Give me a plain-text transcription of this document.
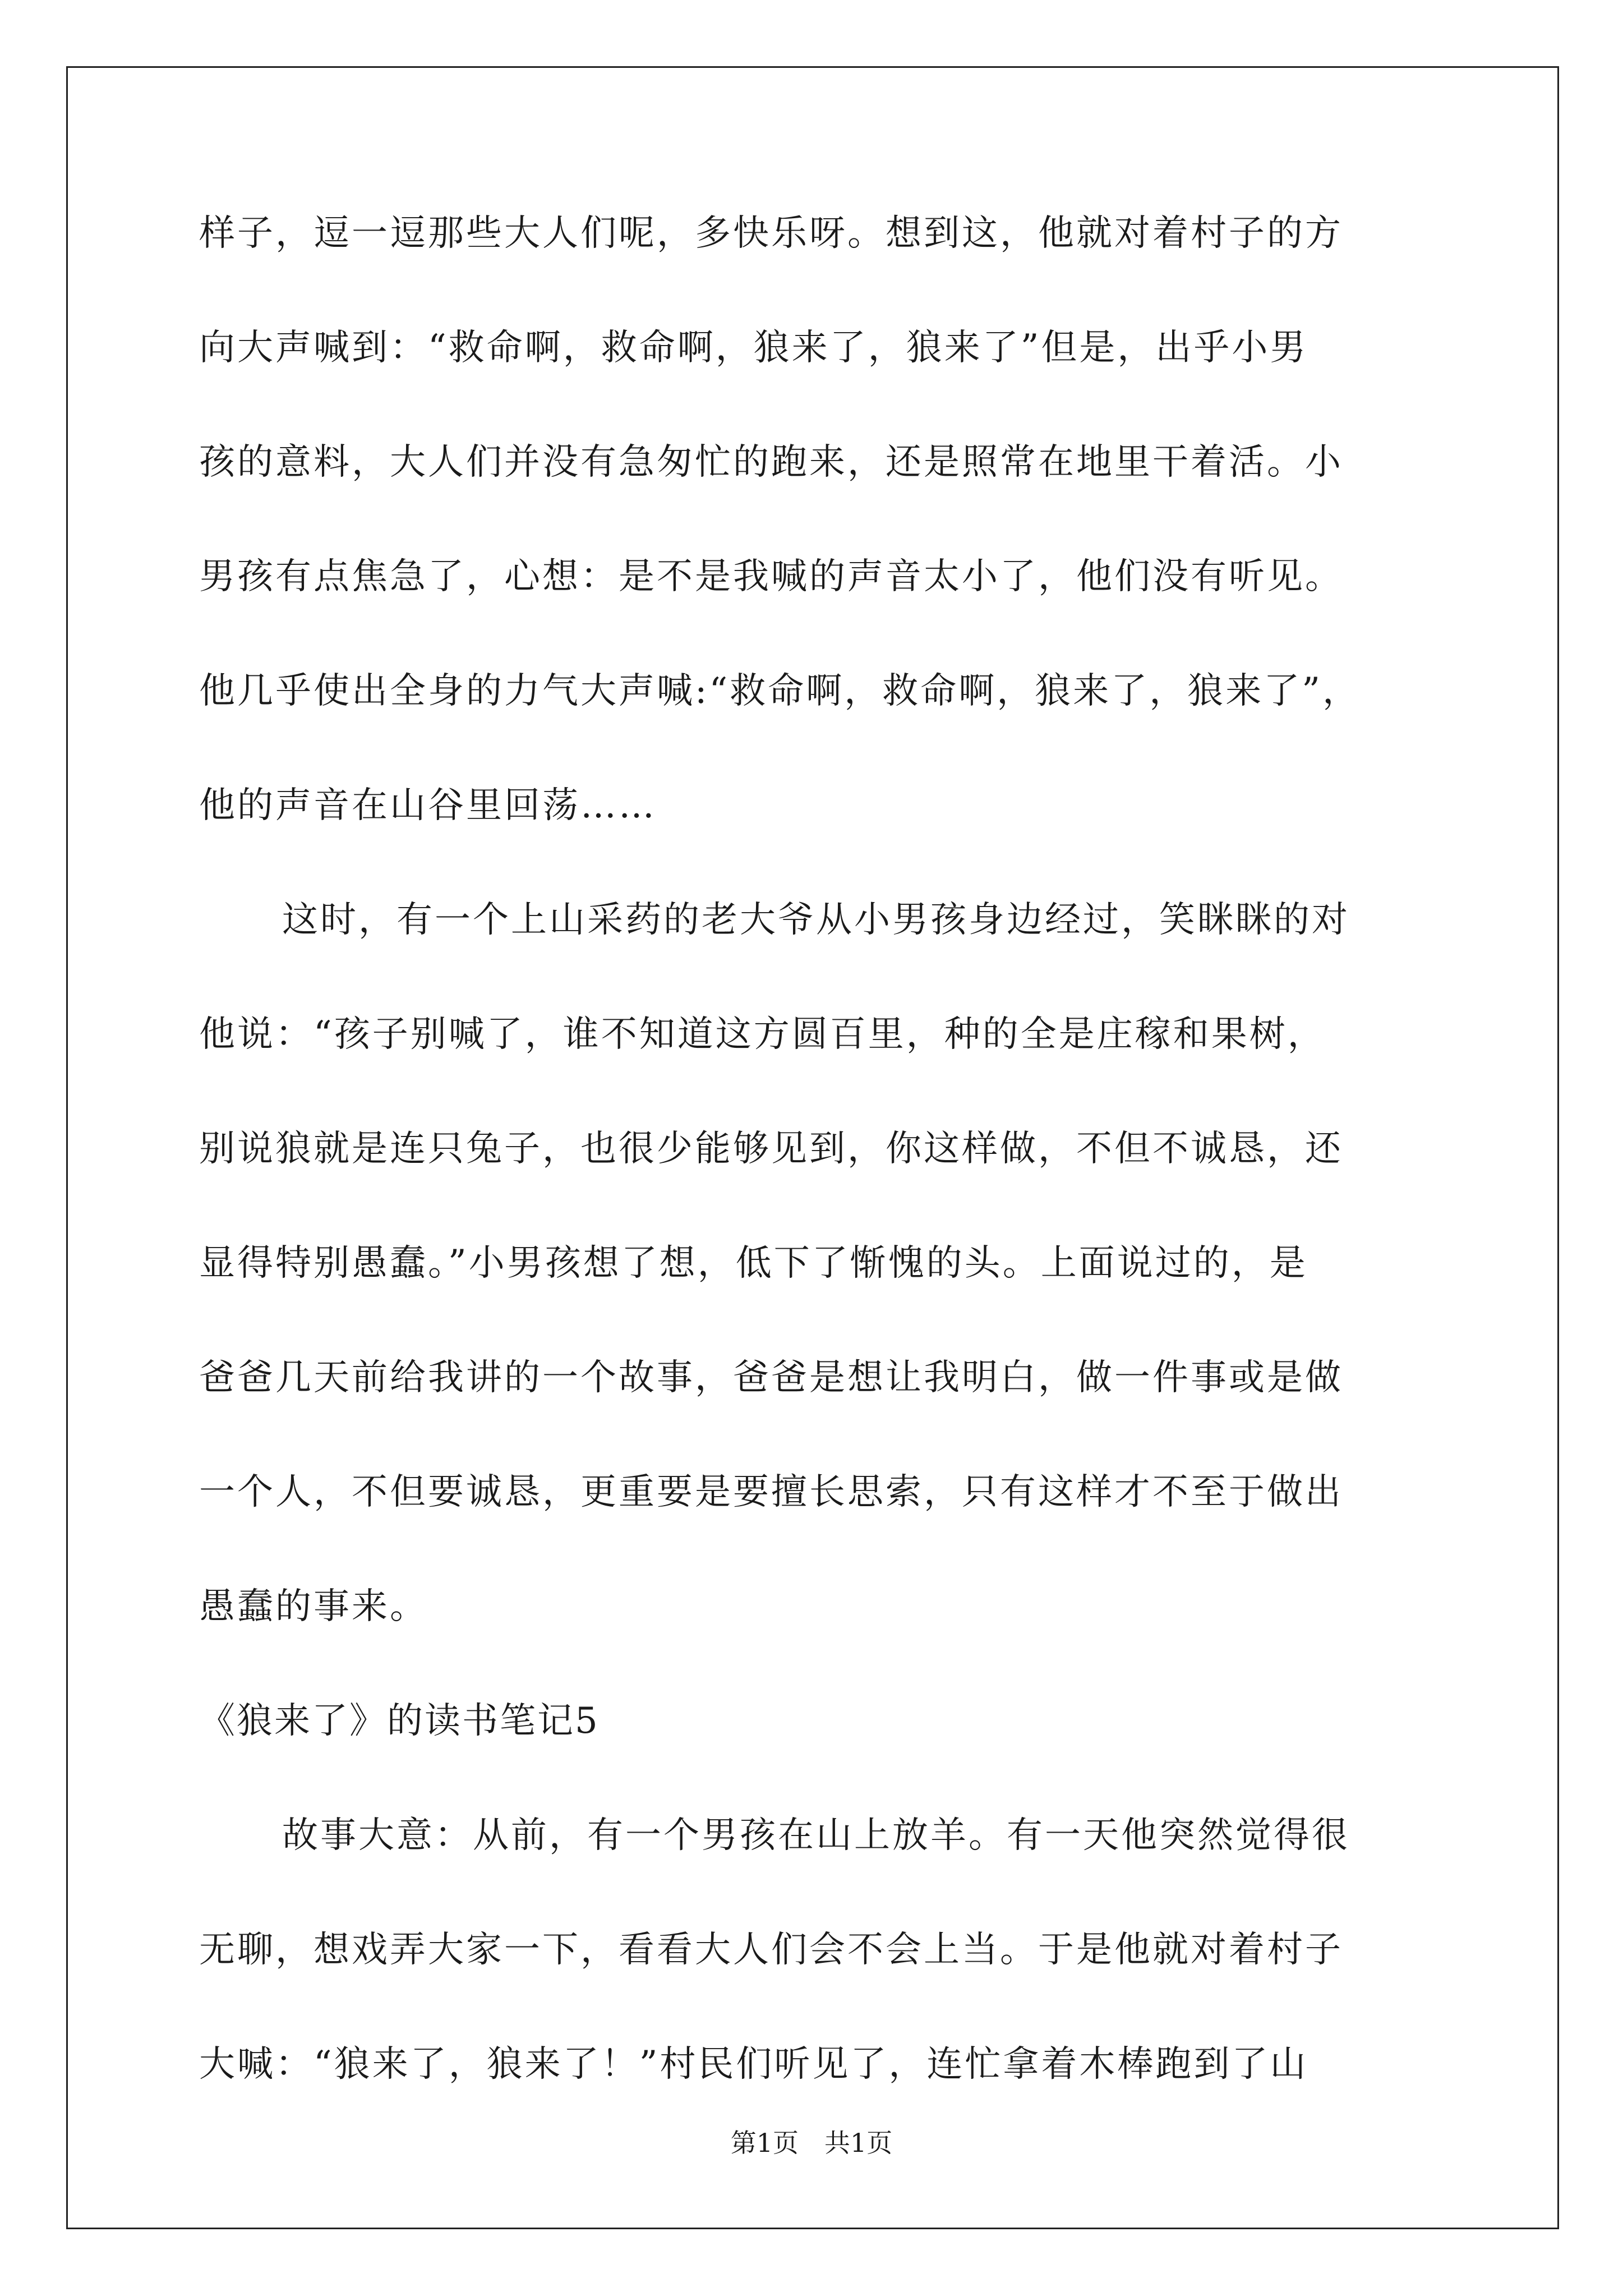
样子，逗一逗那些大人们呢，多快乐呀。想到这，他就对着村子的方
向大声喊到：“救命啊，救命啊，狼来了，狼来了”但是，出乎小男
孩的意料，大人们并没有急匆忙的跑来，还是照常在地里干着活。小
男孩有点焦急了，心想：是不是我喊的声音太小了，他们没有听见。
他几乎使出全身的力气大声喊:“救命啊，救命啊，狼来了，狼来了”，
他的声音在山谷里回荡……
这时，有一个上山采药的老大爷从小男孩身边经过，笑眯眯的对
他说：“孩子别喊了，谁不知道这方圆百里，种的全是庄稼和果树，
别说狼就是连只兔子，也很少能够见到，你这样做，不但不诚恳，还
显得特别愚蠢。”小男孩想了想，低下了惭愧的头。上面说过的，是
爸爸几天前给我讲的一个故事，爸爸是想让我明白，做一件事或是做
一个人，不但要诚恳，更重要是要擅长思索，只有这样才不至于做出
愚蠢的事来。
《狼来了》的读书笔记5
故事大意：从前，有一个男孩在山上放羊。有一天他突然觉得很
无聊，想戏弄大家一下，看看大人们会不会上当。于是他就对着村子
大喊：“狼来了，狼来了！”村民们听见了，连忙拿着木棒跑到了山
第1页　共1页
